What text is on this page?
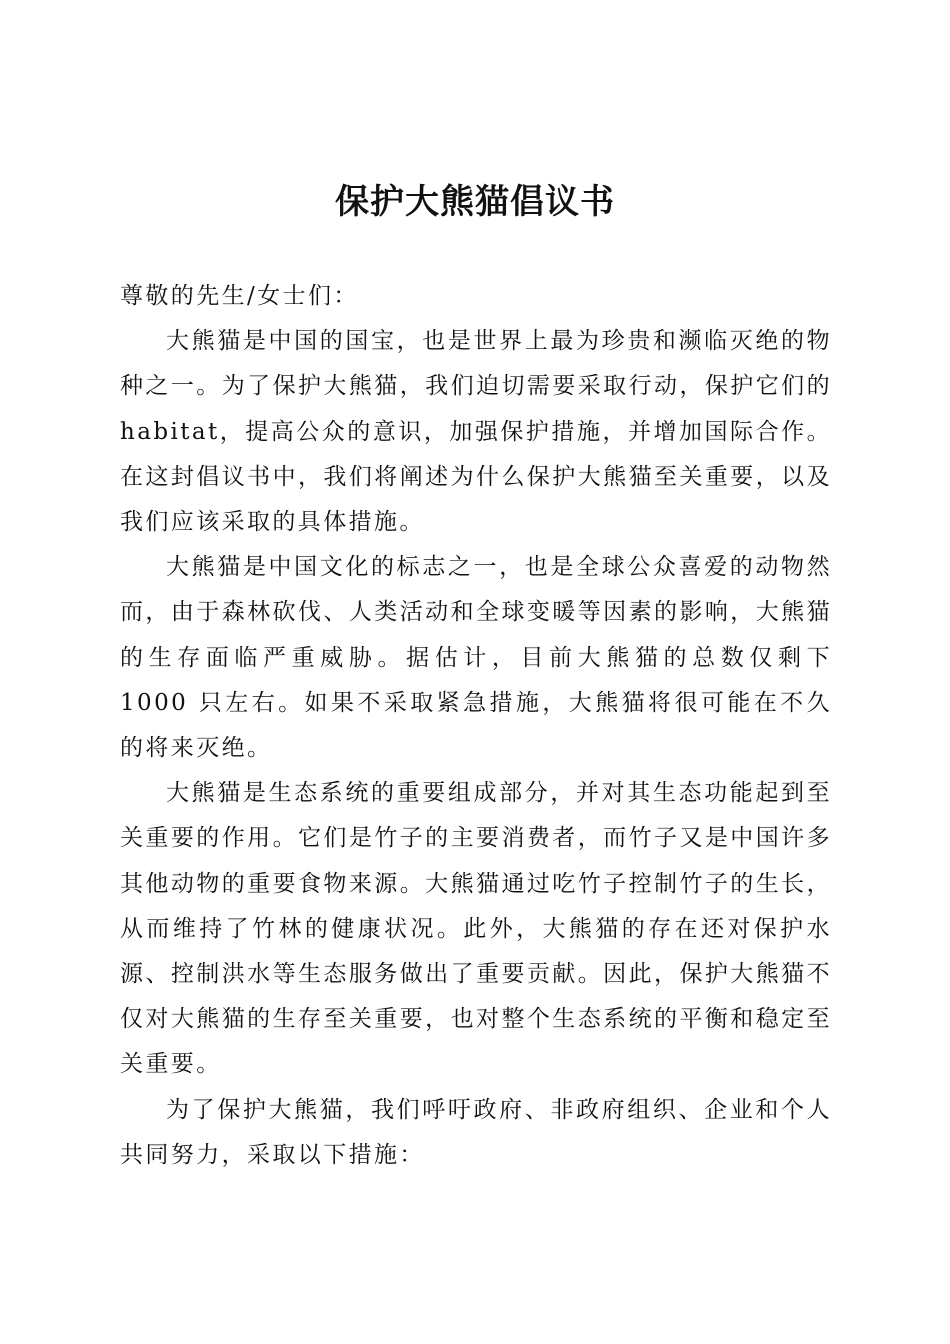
保护大熊猫倡议书

尊敬的先生/女士们：

大熊猫是中国的国宝，也是世界上最为珍贵和濒临灭绝的物种之一。为了保护大熊猫，我们迫切需要采取行动，保护它们的 habitat，提高公众的意识，加强保护措施，并增加国际合作。在这封倡议书中，我们将阐述为什么保护大熊猫至关重要，以及我们应该采取的具体措施。

大熊猫是中国文化的标志之一，也是全球公众喜爱的动物然而，由于森林砍伐、人类活动和全球变暖等因素的影响，大熊猫的生存面临严重威胁。据估计，目前大熊猫的总数仅剩下 1000 只左右。如果不采取紧急措施，大熊猫将很可能在不久的将来灭绝。

大熊猫是生态系统的重要组成部分，并对其生态功能起到至关重要的作用。它们是竹子的主要消费者，而竹子又是中国许多其他动物的重要食物来源。大熊猫通过吃竹子控制竹子的生长，从而维持了竹林的健康状况。此外，大熊猫的存在还对保护水源、控制洪水等生态服务做出了重要贡献。因此，保护大熊猫不仅对大熊猫的生存至关重要，也对整个生态系统的平衡和稳定至关重要。

为了保护大熊猫，我们呼吁政府、非政府组织、企业和个人共同努力，采取以下措施：
